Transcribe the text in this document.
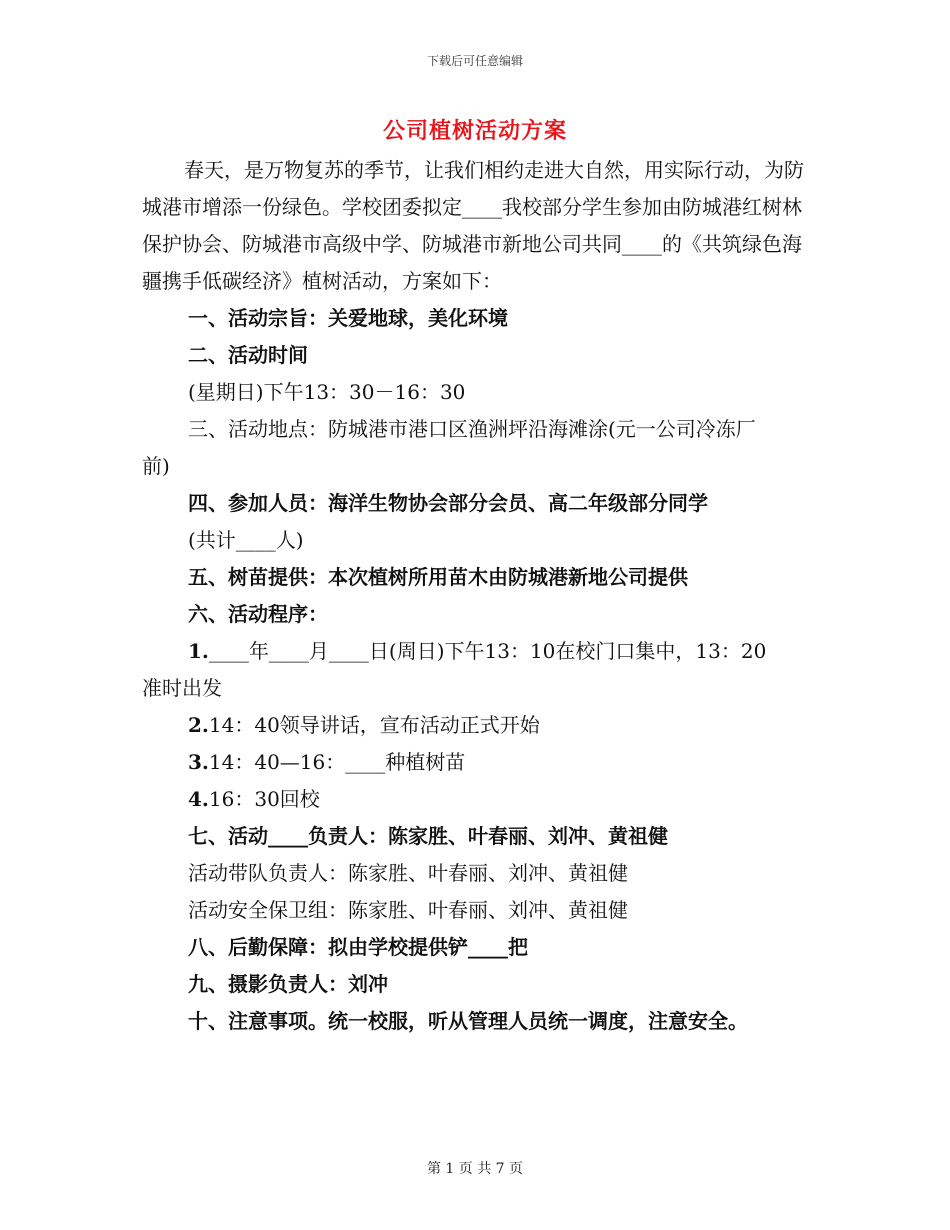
下载后可任意编辑
公司植树活动方案

春天，是万物复苏的季节，让我们相约走进大自然，用实际行动，为防城港市增添一份绿色。学校团委拟定____我校部分学生参加由防城港红树林保护协会、防城港市高级中学、防城港市新地公司共同____的《共筑绿色海疆携手低碳经济》植树活动，方案如下：

一、活动宗旨：关爱地球，美化环境

二、活动时间

(星期日)下午13：30－16：30

三、活动地点：防城港市港口区渔洲坪沿海滩涂(元一公司冷冻厂

前)

四、参加人员：海洋生物协会部分会员、高二年级部分同学

(共计____人)

五、树苗提供：本次植树所用苗木由防城港新地公司提供

六、活动程序：

1.____年____月____日(周日)下午13：10在校门口集中，13：20

准时出发

2.14：40领导讲话，宣布活动正式开始

3.14：40—16：____种植树苗

4.16：30回校

七、活动____负责人：陈家胜、叶春丽、刘冲、黄祖健

活动带队负责人：陈家胜、叶春丽、刘冲、黄祖健

活动安全保卫组：陈家胜、叶春丽、刘冲、黄祖健

八、后勤保障：拟由学校提供铲____把

九、摄影负责人：刘冲

十、注意事项。统一校服，听从管理人员统一调度，注意安全。

第 1 页 共 7 页
